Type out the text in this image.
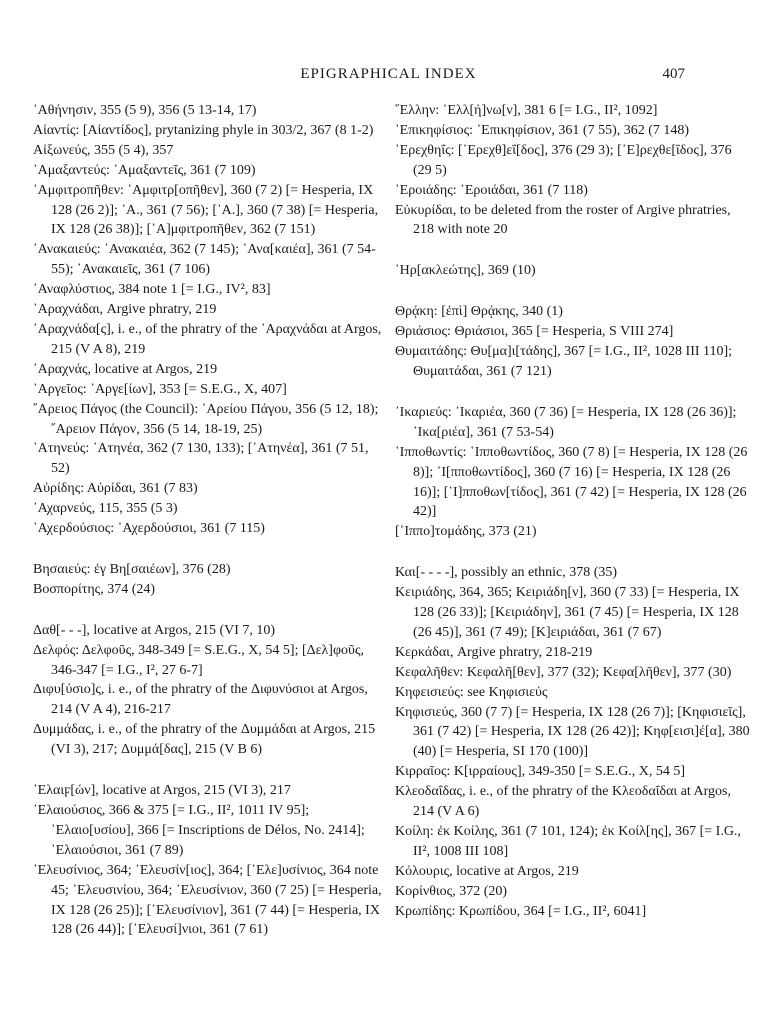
EPIGRAPHICAL INDEX	407

᾿Αθήνησιν, 355 (5 9), 356 (5 13-14, 17)

Αἰαντίς: [Αἰαντίδος], prytanizing phyle in 303/2, 367 (8 1-2)

Αἰξωνεύς, 355 (5 4), 357

᾿Αμαξαντεύς: ᾿Αμαξαντεῖς, 361 (7 109)

᾿Αμφιτροπῆθεν: ᾿Αμφιτρ[οπῆθεν], 360 (7 2) [= Hesperia, IX 128 (26 2)]; ᾿Α., 361 (7 56); [᾿Α.], 360 (7 38) [= Hesperia, IX 128 (26 38)]; [᾿Α]μφιτροπῆθεν, 362 (7 151)

᾿Ανακαιεύς: ᾿Ανακαιέα, 362 (7 145); ᾿Ανα[καιέα], 361 (7 54-55); ᾿Ανακαιεῖς, 361 (7 106)

᾿Αναφλύστιος, 384 note 1 [= I.G., IV², 83]

᾿Αραχνάδαι, Argive phratry, 219

᾿Αραχνάδα[ς], i. e., of the phratry of the ᾿Αραχνάδαι at Argos, 215 (V A 8), 219

᾿Αραχνάς, locative at Argos, 219

᾿Αργεῖος: ᾿Αργε[ίων], 353 [= S.E.G., X, 407]

῎Αρειος Πάγος (the Council): ᾿Αρείου Πάγου, 356 (5 12, 18); ῎Αρειον Πάγον, 356 (5 14, 18-19, 25)

᾿Ατηνεύς: ᾿Ατηνέα, 362 (7 130, 133); [᾿Ατηνέα], 361 (7 51, 52)

Αὐρίδης: Αὐρίδαι, 361 (7 83)

᾿Αχαρνεύς, 115, 355 (5 3)

᾿Αχερδούσιος: ᾿Αχερδούσιοι, 361 (7 115)

Βησαιεύς: ἐγ Βη[σαιέων], 376 (28)

Βοσπορίτης, 374 (24)

Δαθ[- - -], locative at Argos, 215 (VI 7, 10)

Δελφός: Δελφοῦς, 348-349 [= S.E.G., X, 54 5]; [Δελ]φοῦς, 346-347 [= I.G., I², 27 6-7]

Διφυ[ύσιο]ς, i. e., of the phratry of the Διφυνύσιοι at Argos, 214 (V A 4), 216-217

Δυμμάδας, i. e., of the phratry of the Δυμμάδαι at Argos, 215 (VI 3), 217; Δυμμά[δας], 215 (V B 6)

᾿Ελαιϝ[ών], locative at Argos, 215 (VI 3), 217

᾿Ελαιούσιος, 366 & 375 [= I.G., II², 1011 IV 95]; ᾿Ελαιο[υσίου], 366 [= Inscriptions de Délos, No. 2414]; ᾿Ελαιούσιοι, 361 (7 89)

᾿Ελευσίνιος, 364; ᾿Ελευσίν[ιος], 364; [᾿Ελε]υσίνιος, 364 note 45; ᾿Ελευσινίου, 364; ᾿Ελευσίνιον, 360 (7 25) [= Hesperia, IX 128 (26 25)]; [᾿Ελευσίνιον], 361 (7 44) [= Hesperia, IX 128 (26 44)]; [᾿Ελευσί]νιοι, 361 (7 61)

῞Ελλην: ῾Ελλ[ή]νω[ν], 381 6 [= I.G., II², 1092]

᾿Επικηφίσιος: ᾿Επικηφίσιον, 361 (7 55), 362 (7 148)

᾿Ερεχθηΐς: [᾿Ερεχθ]εΐ[δος], 376 (29 3); [᾿Ε]ρεχθε[ΐδος], 376 (29 5)

᾿Εροιάδης: ᾿Εροιάδαι, 361 (7 118)

Εὐκυρίδαι, to be deleted from the roster of Argive phratries, 218 with note 20

῾Ηρ[ακλεώτης], 369 (10)

Θρᾴκη: [ἐπὶ] Θρᾴκης, 340 (1)

Θριάσιος: Θριάσιοι, 365 [= Hesperia, S VIII 274]

Θυμαιτάδης: Θυ[μα]ι[τάδης], 367 [= I.G., II², 1028 III 110]; Θυμαιτάδαι, 361 (7 121)

᾿Ικαριεύς: ᾿Ικαριέα, 360 (7 36) [= Hesperia, IX 128 (26 36)]; ᾿Ικα[ριέα], 361 (7 53-54)

῾Ιπποθωντίς: ῾Ιπποθωντίδος, 360 (7 8) [= Hesperia, IX 128 (26 8)]; ῾Ι[πποθωντίδος], 360 (7 16) [= Hesperia, IX 128 (26 16)]; [῾Ι]πποθων[τίδος], 361 (7 42) [= Hesperia, IX 128 (26 42)]

[῾Ιππο]τομάδης, 373 (21)

Και[- - - -], possibly an ethnic, 378 (35)

Κειριάδης, 364, 365; Κειριάδη[ν], 360 (7 33) [= Hesperia, IX 128 (26 33)]; [Κειριάδην], 361 (7 45) [= Hesperia, IX 128 (26 45)], 361 (7 49); [Κ]ειριάδαι, 361 (7 67)

Κερκάδαι, Argive phratry, 218-219

Κεφαλῆθεν: Κεφαλῆ[θεν], 377 (32); Κεφα[λῆθεν], 377 (30)

Κηφεισιεύς: see Κηφισιεύς

Κηφισιεύς, 360 (7 7) [= Hesperia, IX 128 (26 7)]; [Κηφισιεῖς], 361 (7 42) [= Hesperia, IX 128 (26 42)]; Κηφ[εισι]έ[α], 380 (40) [= Hesperia, SI 170 (100)]

Κιρραῖος: Κ[ιρραίους], 349-350 [= S.E.G., X, 54 5]

Κλεοδαΐδας, i. e., of the phratry of the Κλεοδαΐδαι at Argos, 214 (V A 6)

Κοίλη: ἐκ Κοίλης, 361 (7 101, 124); ἐκ Κοίλ[ης], 367 [= I.G., II², 1008 III 108]

Κόλουρις, locative at Argos, 219

Κορίνθιος, 372 (20)

Κρωπίδης: Κρωπίδου, 364 [= I.G., II², 6041]
